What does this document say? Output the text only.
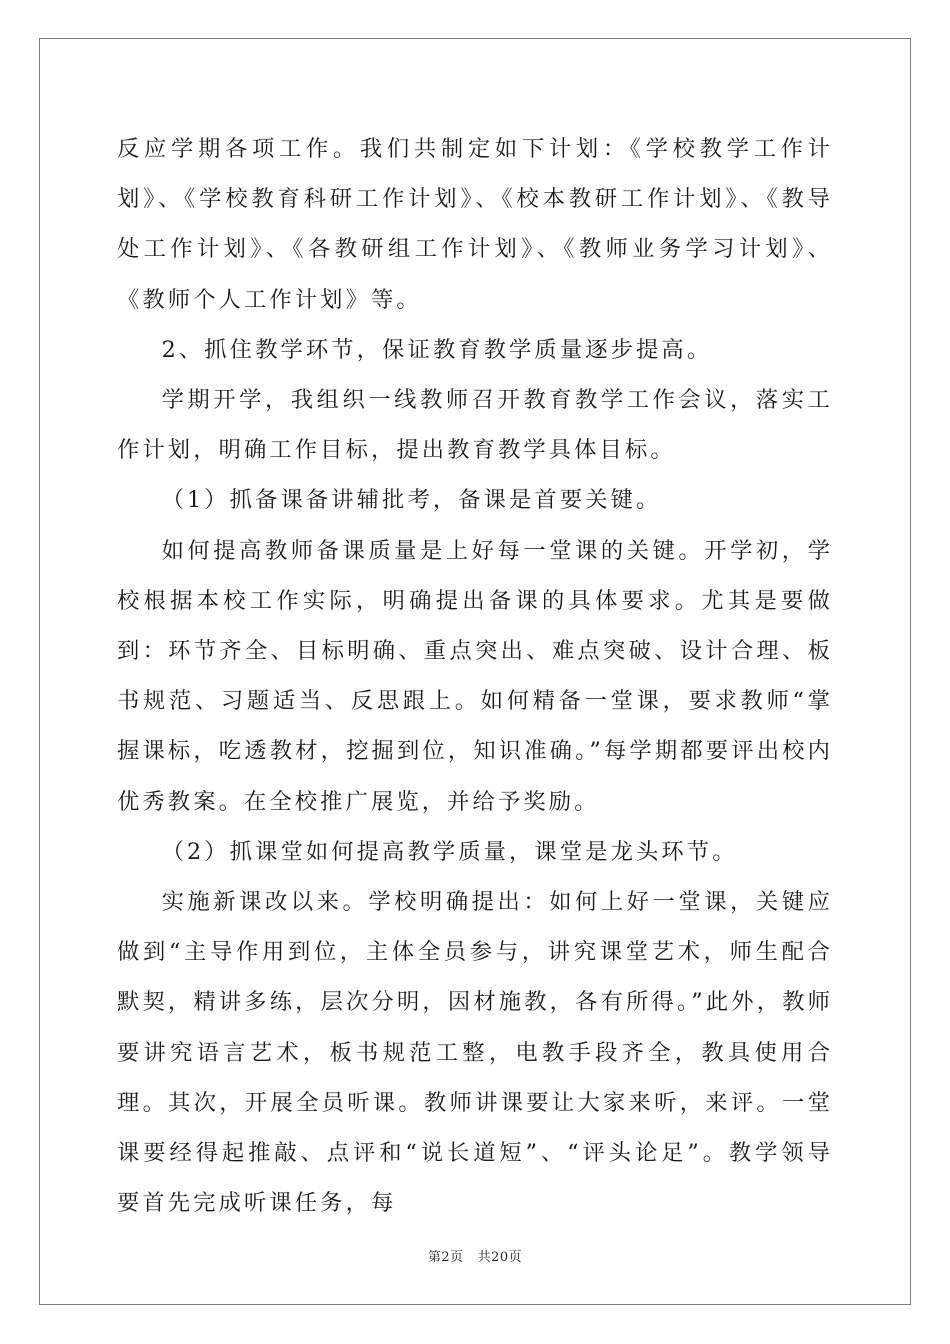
反应学期各项工作。我们共制定如下计划：《学校教学工作计划》、《学校教育科研工作计划》、《校本教研工作计划》、《教导处工作计划》、《各教研组工作计划》、《教师业务学习计划》、《教师个人工作计划》等。

2、抓住教学环节，保证教育教学质量逐步提高。

学期开学，我组织一线教师召开教育教学工作会议，落实工作计划，明确工作目标，提出教育教学具体目标。

（1）抓备课备讲辅批考，备课是首要关键。

如何提高教师备课质量是上好每一堂课的关键。开学初，学校根据本校工作实际，明确提出备课的具体要求。尤其是要做到：环节齐全、目标明确、重点突出、难点突破、设计合理、板书规范、习题适当、反思跟上。如何精备一堂课，要求教师“掌握课标，吃透教材，挖掘到位，知识准确。”每学期都要评出校内优秀教案。在全校推广展览，并给予奖励。

（2）抓课堂如何提高教学质量，课堂是龙头环节。

实施新课改以来。学校明确提出：如何上好一堂课，关键应做到“主导作用到位，主体全员参与，讲究课堂艺术，师生配合默契，精讲多练，层次分明，因材施教，各有所得。”此外，教师要讲究语言艺术，板书规范工整，电教手段齐全，教具使用合理。其次，开展全员听课。教师讲课要让大家来听，来评。一堂课要经得起推敲、点评和“说长道短”、“评头论足”。教学领导要首先完成听课任务，每

第2页 共20页
